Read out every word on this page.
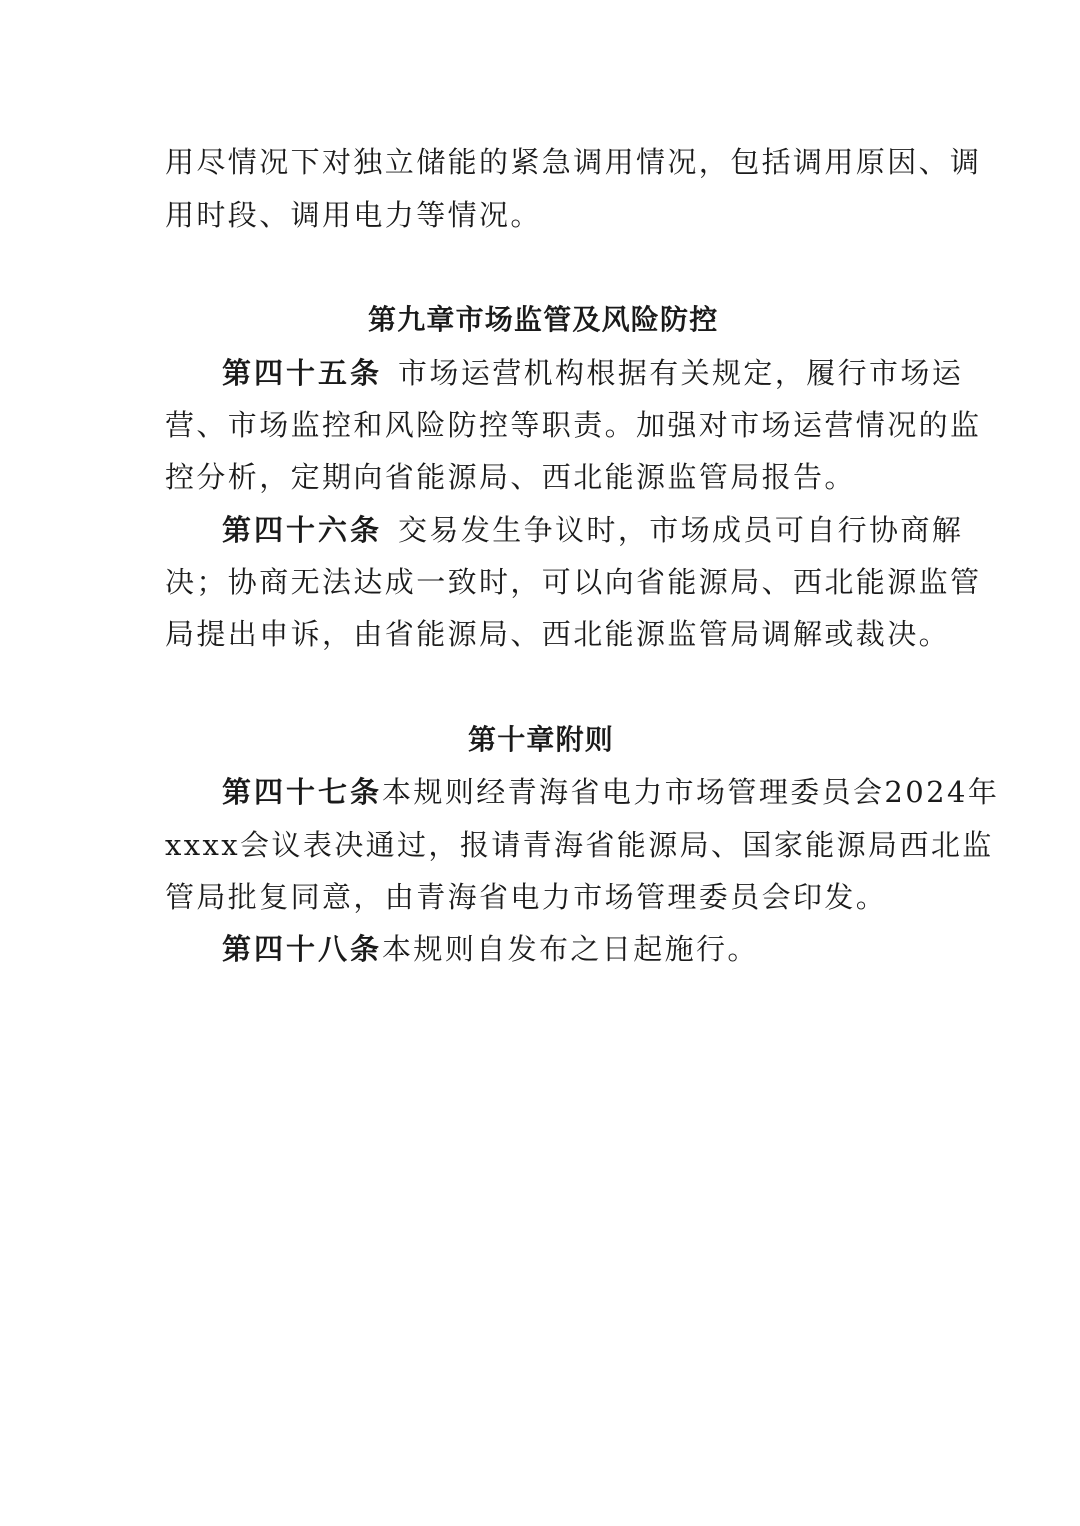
用尽情况下对独立储能的紧急调用情况，包括调用原因、调
用时段、调用电力等情况。
第九章市场监管及风险防控
第四十五条 市场运营机构根据有关规定，履行市场运
营、市场监控和风险防控等职责。加强对市场运营情况的监
控分析，定期向省能源局、西北能源监管局报告。
第四十六条 交易发生争议时，市场成员可自行协商解
决；协商无法达成一致时，可以向省能源局、西北能源监管
局提出申诉，由省能源局、西北能源监管局调解或裁决。
第十章附则
第四十七条本规则经青海省电力市场管理委员会2024年
xxxx会议表决通过，报请青海省能源局、国家能源局西北监
管局批复同意，由青海省电力市场管理委员会印发。
第四十八条本规则自发布之日起施行。
